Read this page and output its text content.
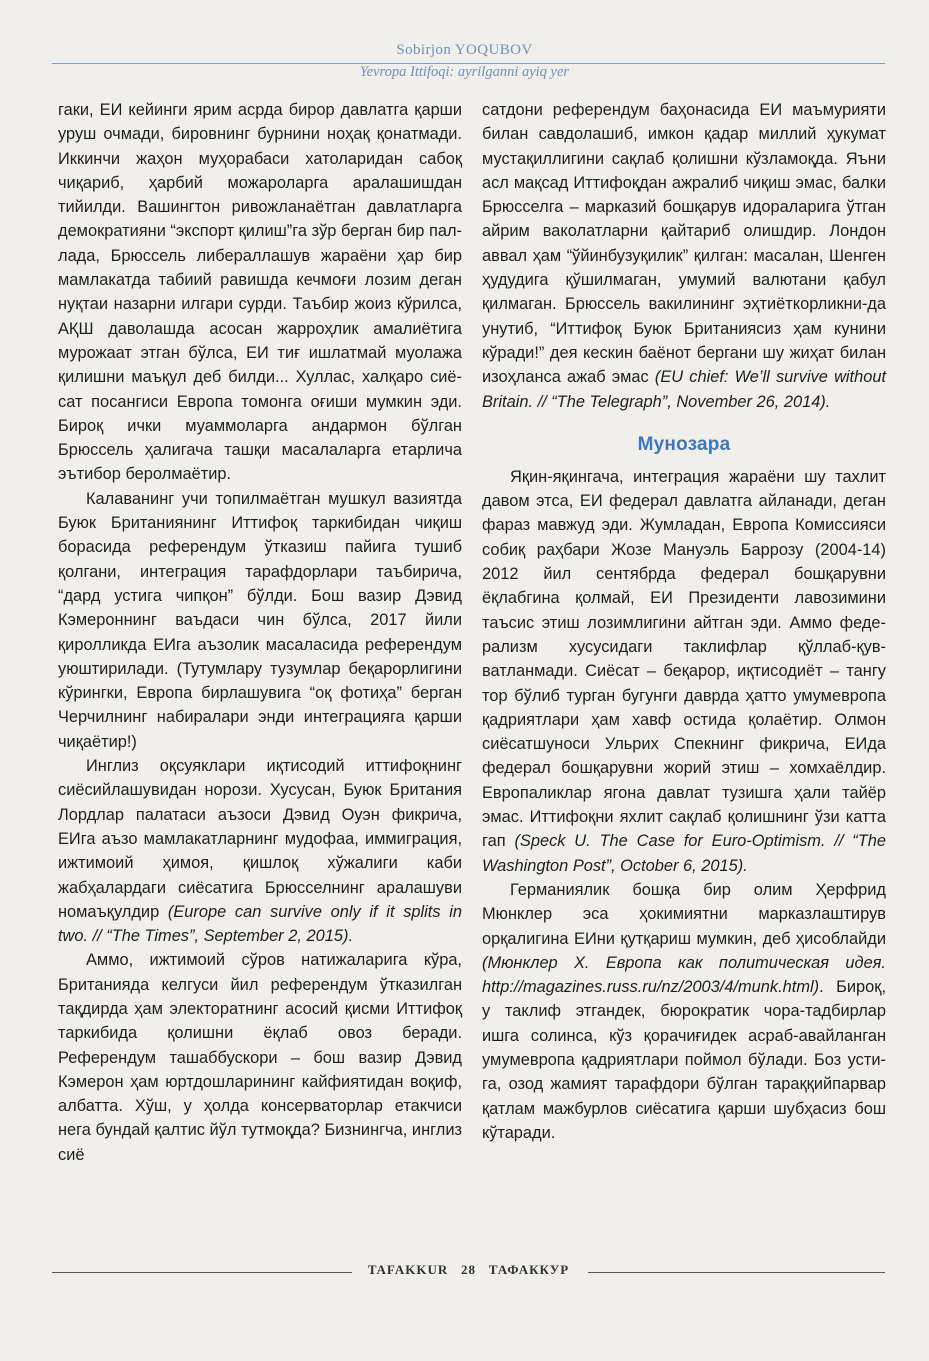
Sobirjon YOQUBOV
Yevropa Ittifoqi: ayrilganni ayiq yer

гаки, ЕИ кейинги ярим асрда бирор давлатга қарши уруш очмади, бировнинг бурнини ноҳақ қонатмади. Иккинчи жаҳон муҳорабаси хатоларидан сабоқ чиқариб, ҳарбий можароларга аралашишдан тийилди. Вашингтон ривожланаётган давлатларга демократияни “экспорт қилиш”га зўр берган бир паллада, Брюссель либераллашув жараёни ҳар бир мамлакатда табиий равишда кечмоғи лозим деган нуқтаи назарни илгари сурди. Таъбир жоиз кўрилса, АҚШ даволашда асосан жарроҳлик амалиётига мурожаат этган бўлса, ЕИ тиғ ишлатмай муолажа қилишни маъқул деб билди... Хуллас, халқаро сиёсат посангиси Европа томонга оғиши мумкин эди. Бироқ ички муаммоларга андармон бўлган Брюссель ҳалигача ташқи масалаларга етарлича эътибор беролмаётир.

Калаванинг учи топилмаётган мушкул вазиятда Буюк Британиянинг Иттифоқ таркибидан чиқиш борасида референдум ўтказиш пайига тушиб қолгани, интеграция тарафдорлари таъбирича, “дард устига чипқон” бўлди. Бош вазир Дэвид Кэмероннинг ваъдаси чин бўлса, 2017 йили қиролликда ЕИга аъзолик масаласида референдум уюштирилади. (Тутумлару тузумлар беқарорлигини кўрингки, Европа бирлашувига “оқ фотиҳа” берган Черчилнинг набиралари энди интеграцияга қарши чиқаётир!)

Инглиз оқсуяклари иқтисодий иттифоқнинг сиёсийлашувидан норози. Хусусан, Буюк Британия Лордлар палатаси аъзоси Дэвид Оуэн фикрича, ЕИга аъзо мамлакатларнинг мудофаа, иммиграция, ижтимоий ҳимоя, қишлоқ хўжалиги каби жабҳалардаги сиёсатига Брюсселнинг аралашуви номаъқулдир (Europe can survive only if it splits in two. // “The Times”, September 2, 2015).

Аммо, ижтимоий сўров натижаларига кўра, Британияда келгуси йил референдум ўтказилган тақдирда ҳам электоратнинг асосий қисми Иттифоқ таркибида қолишни ёқлаб овоз беради. Референдум ташаббускори – бош вазир Дэвид Кэмерон ҳам юртдошларининг кайфиятидан воқиф, албатта. Хўш, у ҳолда консерваторлар етакчиси нега бундай қалтис йўл тутмоқда? Бизнингча, инглиз сиё

сатдони референдум баҳонасида ЕИ маъмурияти билан савдолашиб, имкон қадар миллий ҳукумат мустақиллигини сақлаб қолишни кўзламоқда. Яъни асл мақсад Иттифоқдан ажралиб чиқиш эмас, балки Брюсселга – марказий бошқарув идораларига ўтган айрим ваколатларни қайтариб олишдир. Лондон аввал ҳам “ўйинбузуқилик” қилган: масалан, Шенген ҳудудига қўшилмаган, умумий валютани қабул қилмаган. Брюссель вакилининг эҳтиёткорликни-да унутиб, “Иттифоқ Буюк Британиясиз ҳам кунини кўради!” дея кескин баёнот бергани шу жиҳат билан изоҳланса ажаб эмас (EU chief: We’ll survive without Britain. // “The Telegraph”, November 26, 2014).

Мунозара

Яқин-яқингача, интеграция жараёни шу тахлит давом этса, ЕИ федерал давлатга айланади, деган фараз мавжуд эди. Жумладан, Европа Комиссияси собиқ раҳбари Жозе Мануэль Баррозу (2004-14) 2012 йил сентябрда федерал бошқарувни ёқлабгина қолмай, ЕИ Президенти лавозимини таъсис этиш лозимлигини айтган эди. Аммо федерализм хусусидаги таклифлар қўллаб-қувватланмади. Сиёсат – беқарор, иқтисодиёт – тангу тор бўлиб турган бугунги даврда ҳатто умумевропа қадриятлари ҳам хавф остида қолаётир. Олмон сиёсатшуноси Ульрих Спекнинг фикрича, ЕИда федерал бошқарувни жорий этиш – хомхаёлдир. Европаликлар ягона давлат тузишга ҳали тайёр эмас. Иттифоқни яхлит сақлаб қолишнинг ўзи катта гап (Speck U. The Case for Euro-Optimism. // “The Washington Post”, October 6, 2015).

Германиялик бошқа бир олим Ҳерфрид Мюнклер эса ҳокимиятни марказлаштирув орқалигина ЕИни қутқариш мумкин, деб ҳисоблайди (Мюнклер Х. Европа как политическая идея. http://magazines.russ.ru/nz/2003/4/munk.html). Бироқ, у таклиф этгандек, бюрократик чора-тадбирлар ишга солинса, кўз қорачиғидек асраб-авайланган умумевропа қадриятлари поймол бўлади. Боз устига, озод жамият тарафдори бўлган тараққийпарвар қатлам мажбурлов сиёсатига қарши шубҳасиз бош кўтаради.

TAFAKKUR 28 ТАФАККУР
